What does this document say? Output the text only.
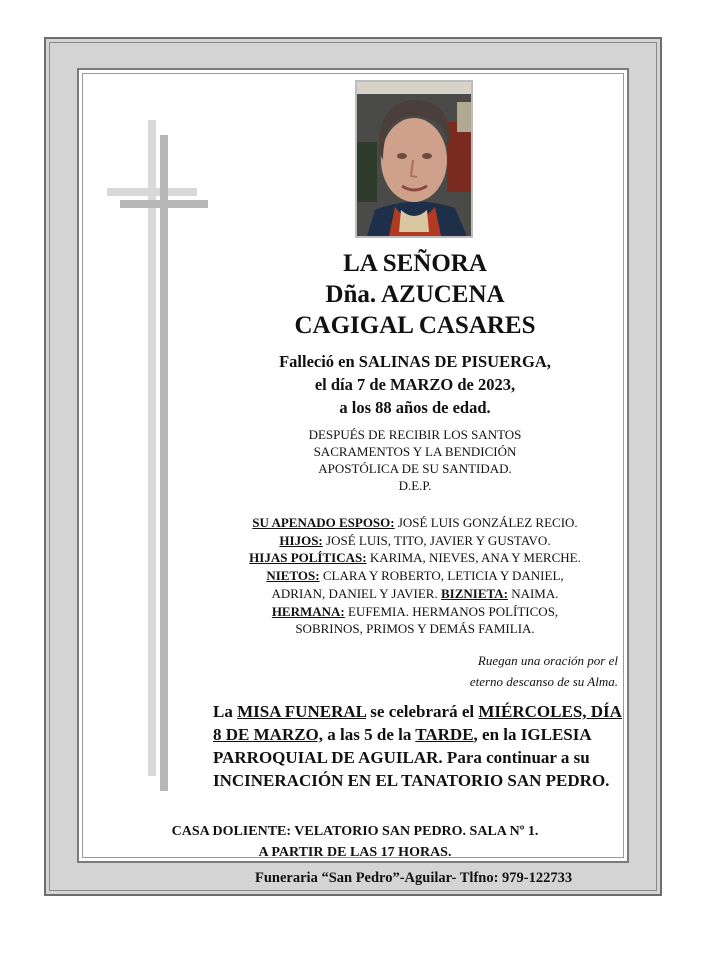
LA SEÑORA
Dña. AZUCENA
CAGIGAL CASARES
Falleció en SALINAS DE PISUERGA,
el día 7 de MARZO de 2023,
a los 88 años de edad.
DESPUÉS DE RECIBIR LOS SANTOS
SACRAMENTOS Y LA BENDICIÓN
APOSTÓLICA DE SU SANTIDAD.
D.E.P.
SU APENADO ESPOSO: JOSÉ LUIS GONZÁLEZ RECIO.
HIJOS: JOSÉ LUIS, TITO, JAVIER Y GUSTAVO.
HIJAS POLÍTICAS: KARIMA, NIEVES, ANA Y MERCHE.
NIETOS: CLARA Y ROBERTO, LETICIA Y DANIEL,
ADRIAN, DANIEL Y JAVIER. BIZNIETA: NAIMA.
HERMANA: EUFEMIA. HERMANOS POLÍTICOS,
SOBRINOS, PRIMOS Y DEMÁS FAMILIA.
Ruegan una oración por el
eterno descanso de su Alma.
La MISA FUNERAL se celebrará el MIÉRCOLES, DÍA 8 DE MARZO, a las 5 de la TARDE, en la IGLESIA PARROQUIAL DE AGUILAR. Para continuar a su INCINERACIÓN EN EL TANATORIO SAN PEDRO.
CASA DOLIENTE: VELATORIO SAN PEDRO. SALA Nº 1.
A PARTIR DE LAS 17 HORAS.
Funeraria “San Pedro”-Aguilar- Tlfno: 979-122733
